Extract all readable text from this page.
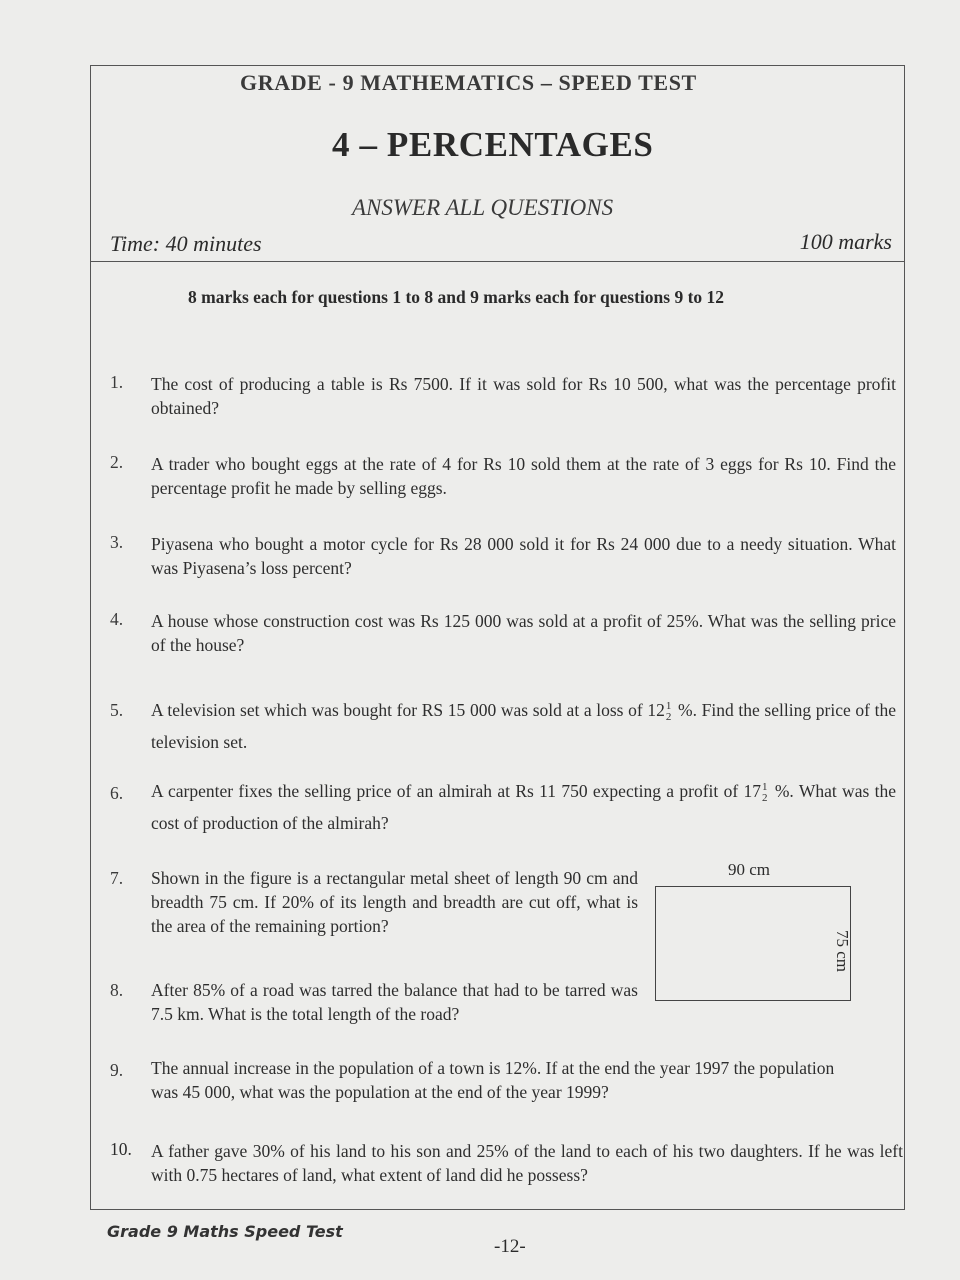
GRADE - 9 MATHEMATICS – SPEED TEST
4 – PERCENTAGES
ANSWER ALL QUESTIONS
Time: 40 minutes	100 marks
8 marks each for questions 1 to 8 and 9 marks each for questions 9 to 12
1. The cost of producing a table is Rs 7500. If it was sold for Rs 10 500, what was the percentage profit obtained?
2. A trader who bought eggs at the rate of 4 for Rs 10 sold them at the rate of 3 eggs for Rs 10. Find the percentage profit he made by selling eggs.
3. Piyasena who bought a motor cycle for Rs 28 000 sold it for Rs 24 000 due to a needy situation. What was Piyasena’s loss percent?
4. A house whose construction cost was Rs 125 000 was sold at a profit of 25%. What was the selling price of the house?
5. A television set which was bought for RS 15 000 was sold at a loss of 12 1
2 %. Find the selling price of the television set.
6. A carpenter fixes the selling price of an almirah at Rs 11 750 expecting a profit of 17 1
2 %. What was the cost of production of the almirah?
7. Shown in the figure is a rectangular metal sheet of length 90 cm and breadth 75 cm. If 20% of its length and breadth are cut off, what is the area of the remaining portion?
90 cm
75 cm
8. After 85% of a road was tarred the balance that had to be tarred was 7.5 km. What is the total length of the road?
9. The annual increase in the population of a town is 12%. If at the end the year 1997 the population was 45 000, what was the population at the end of the year 1999?
10. A father gave 30% of his land to his son and 25% of the land to each of his two daughters. If he was left with 0.75 hectares of land, what extent of land did he possess?
Grade 9 Maths Speed Test
-12-
